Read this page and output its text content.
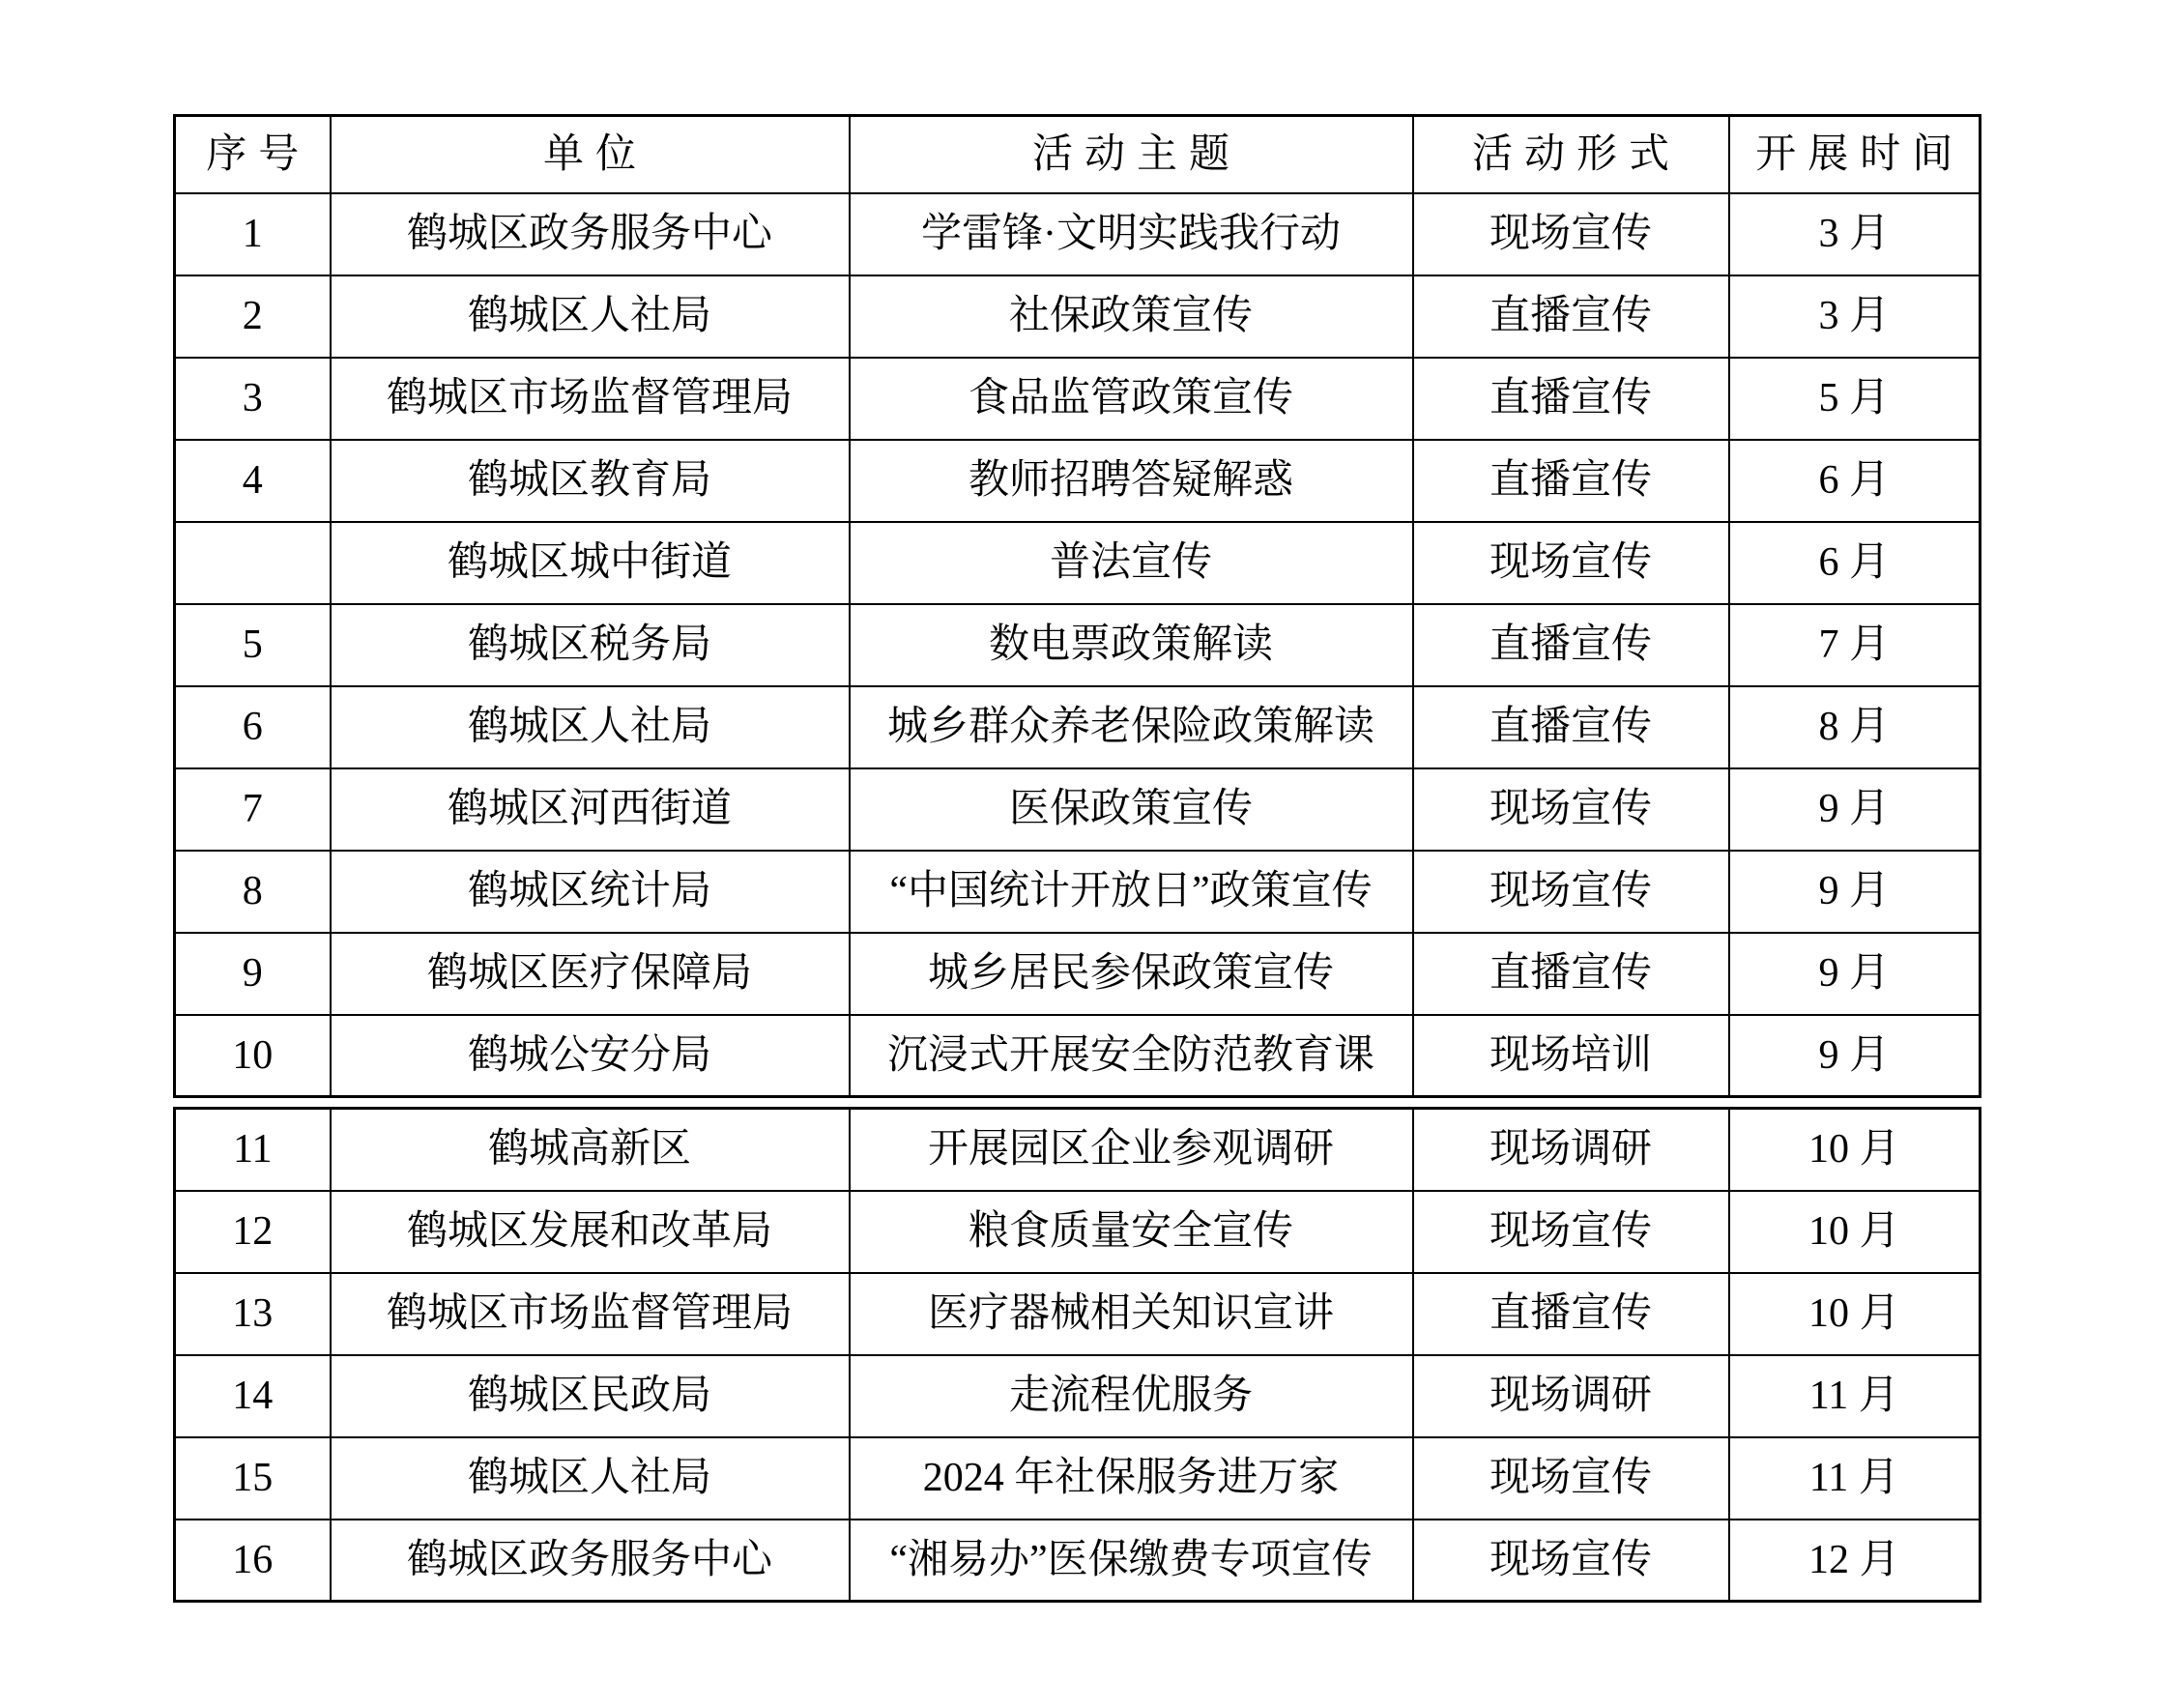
序号	单位	活动主题	活动形式	开展时间
1	鹤城区政务服务中心	学雷锋·文明实践我行动	现场宣传	3 月
2	鹤城区人社局	社保政策宣传	直播宣传	3 月
3	鹤城区市场监督管理局	食品监管政策宣传	直播宣传	5 月
4	鹤城区教育局	教师招聘答疑解惑	直播宣传	6 月
	鹤城区城中街道	普法宣传	现场宣传	6 月
5	鹤城区税务局	数电票政策解读	直播宣传	7 月
6	鹤城区人社局	城乡群众养老保险政策解读	直播宣传	8 月
7	鹤城区河西街道	医保政策宣传	现场宣传	9 月
8	鹤城区统计局	“中国统计开放日”政策宣传	现场宣传	9 月
9	鹤城区医疗保障局	城乡居民参保政策宣传	直播宣传	9 月
10	鹤城公安分局	沉浸式开展安全防范教育课	现场培训	9 月
11	鹤城高新区	开展园区企业参观调研	现场调研	10 月
12	鹤城区发展和改革局	粮食质量安全宣传	现场宣传	10 月
13	鹤城区市场监督管理局	医疗器械相关知识宣讲	直播宣传	10 月
14	鹤城区民政局	走流程优服务	现场调研	11 月
15	鹤城区人社局	2024 年社保服务进万家	现场宣传	11 月
16	鹤城区政务服务中心	“湘易办”医保缴费专项宣传	现场宣传	12 月
